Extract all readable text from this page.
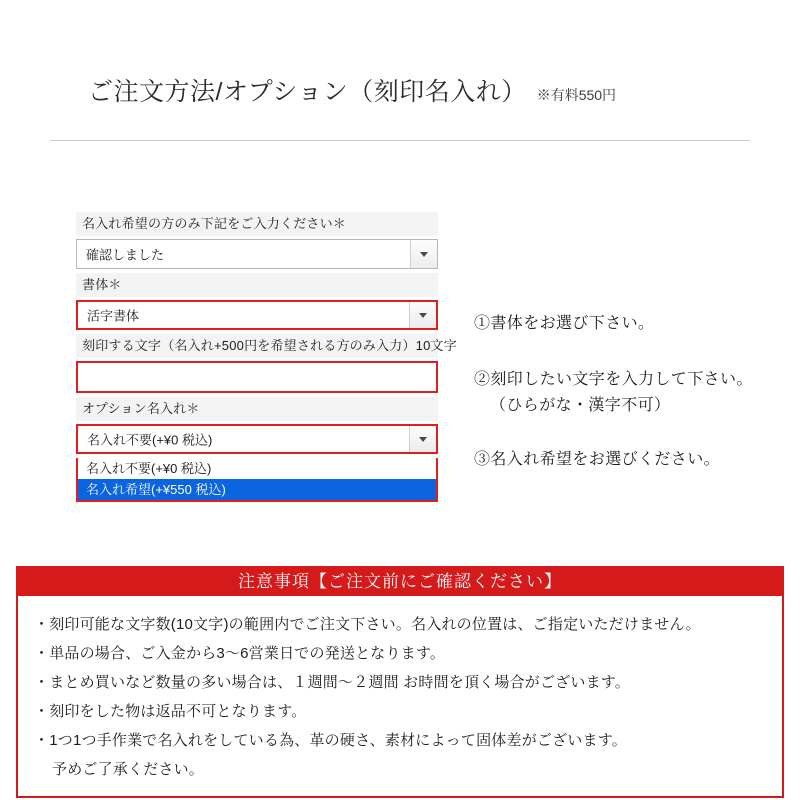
ご注文方法/オプション（刻印名入れ） ※有料550円
名入れ希望の方のみ下記をご入力ください＊
確認しました
書体＊
活字書体
刻印する文字（名入れ+500円を希望される方のみ入力）10文字
オプション名入れ＊
名入れ不要(+¥0 税込)
名入れ不要(+¥0 税込)
名入れ希望(+¥550 税込)
①書体をお選び下さい。
②刻印したい文字を入力して下さい。
（ひらがな・漢字不可）
③名入れ希望をお選びください。
注意事項【ご注文前にご確認ください】
・刻印可能な文字数(10文字)の範囲内でご注文下さい。名入れの位置は、ご指定いただけません。
・単品の場合、ご入金から3～6営業日での発送となります。
・まとめ買いなど数量の多い場合は、１週間～２週間 お時間を頂く場合がございます。
・刻印をした物は返品不可となります。
・1つ1つ手作業で名入れをしている為、革の硬さ、素材によって固体差がございます。
予めご了承ください。
